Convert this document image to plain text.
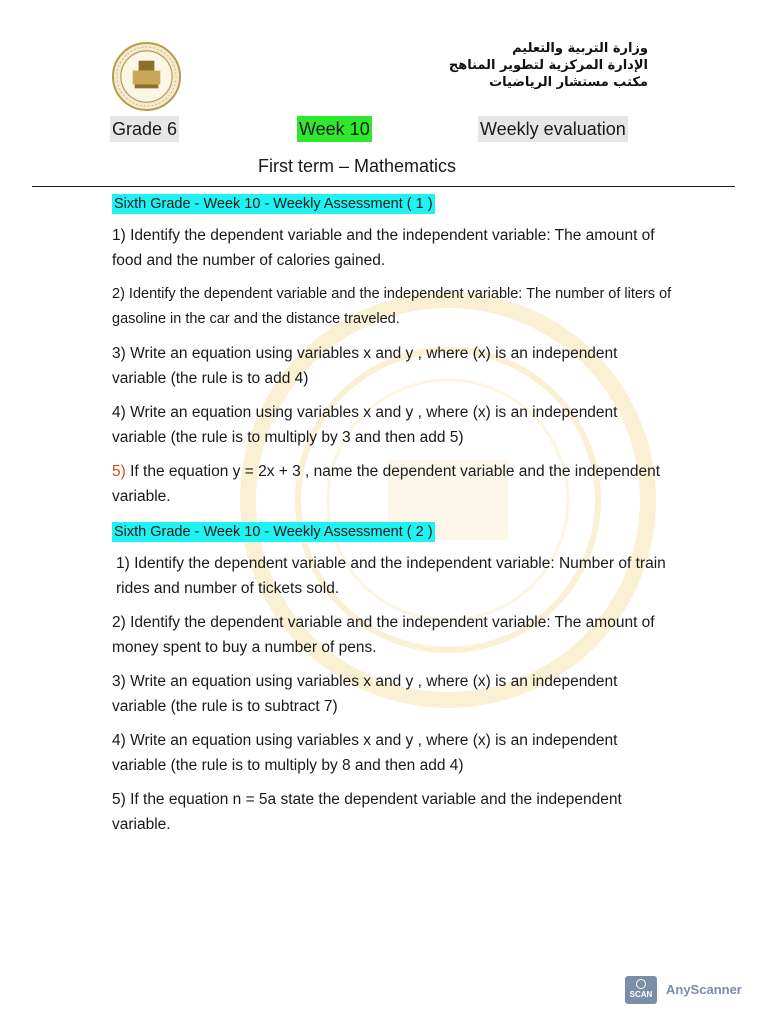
وزارة التربية والتعليم
الإدارة المركزية لتطوير المناهج
مكتب مستشار الرياضيات
Grade 6	Week 10	Weekly evaluation
First term – Mathematics
Sixth Grade - Week 10 - Weekly Assessment ( 1 )

1) Identify the dependent variable and the independent variable: The amount of food and the number of calories gained.

2) Identify the dependent variable and the independent variable: The number of liters of gasoline in the car and the distance traveled.

3) Write an equation using variables x and y , where (x) is an independent variable (the rule is to add 4)

4) Write an equation using variables x and y , where (x) is an independent variable (the rule is to multiply by 3 and then add 5)

5) If the equation y = 2x + 3 , name the dependent variable and the independent variable.

Sixth Grade - Week 10 - Weekly Assessment ( 2 )

1) Identify the dependent variable and the independent variable: Number of train rides and number of tickets sold.

2) Identify the dependent variable and the independent variable: The amount of money spent to buy a number of pens.

3) Write an equation using variables x and y , where (x) is an independent variable (the rule is to subtract 7)

4) Write an equation using variables x and y , where (x) is an independent variable (the rule is to multiply by 8 and then add 4)

5) If the equation n = 5a state the dependent variable and the independent variable.

SCAN	AnyScanner
